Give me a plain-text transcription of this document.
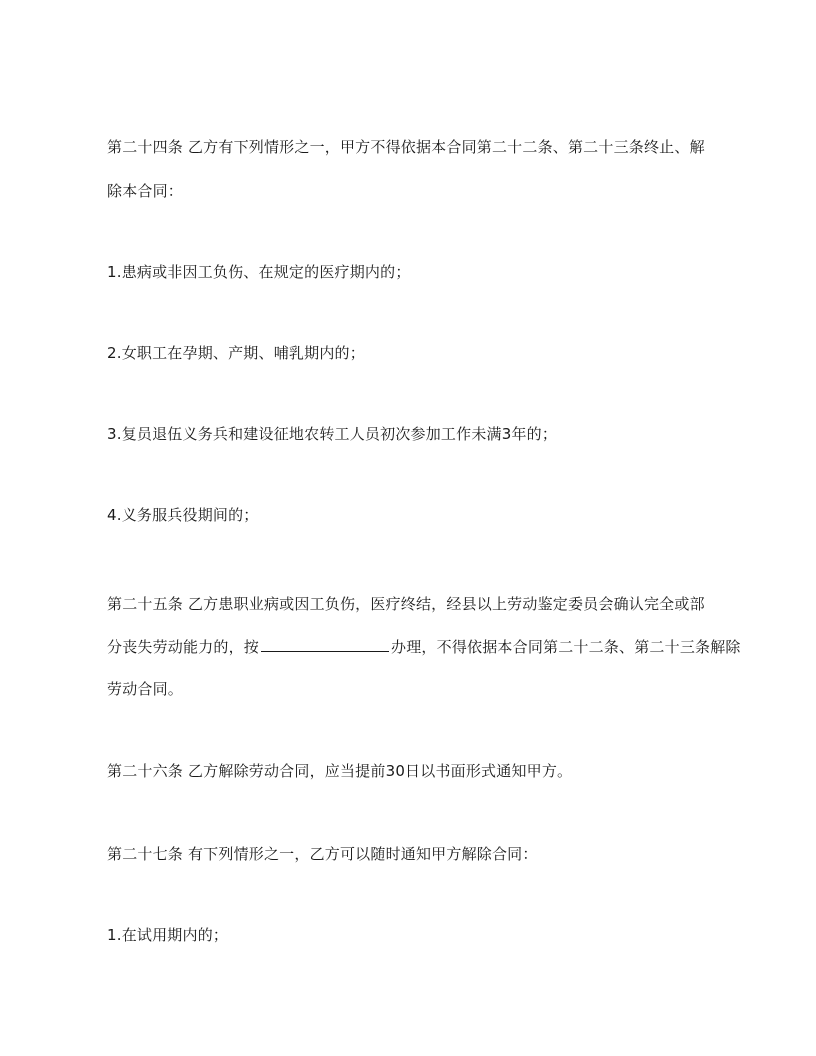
第二十四条 乙方有下列情形之一，甲方不得依据本合同第二十二条、第二十三条终止、解
除本合同：
1.患病或非因工负伤、在规定的医疗期内的；
2.女职工在孕期、产期、哺乳期内的；
3.复员退伍义务兵和建设征地农转工人员初次参加工作未满3年的；
4.义务服兵役期间的；
第二十五条 乙方患职业病或因工负伤，医疗终结，经县以上劳动鉴定委员会确认完全或部
分丧失劳动能力的，按	办理，不得依据本合同第二十二条、第二十三条解除
劳动合同。
第二十六条 乙方解除劳动合同，应当提前30日以书面形式通知甲方。
第二十七条 有下列情形之一，乙方可以随时通知甲方解除合同：
1.在试用期内的；
